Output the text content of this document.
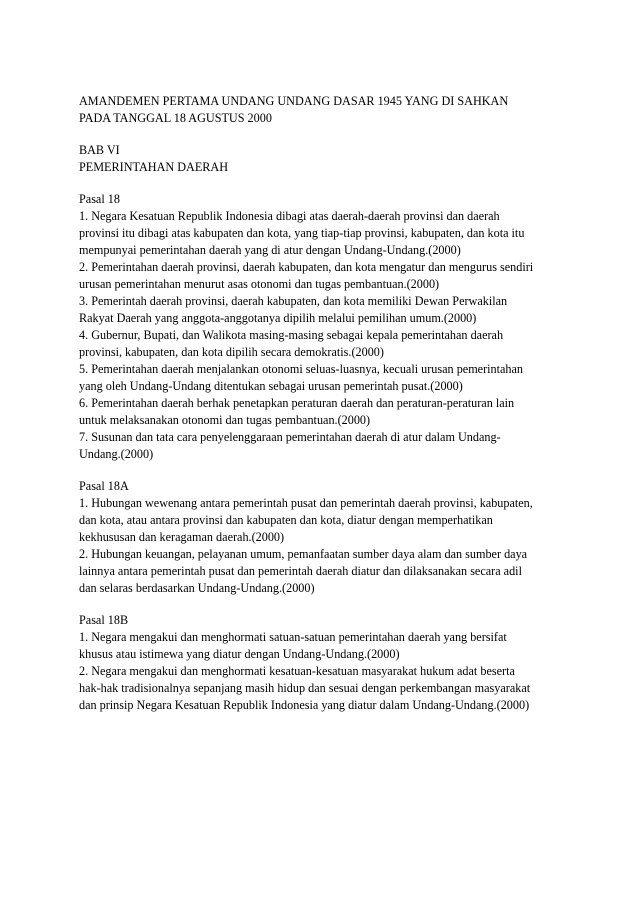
AMANDEMEN PERTAMA UNDANG UNDANG DASAR 1945 YANG DI SAHKAN
PADA TANGGAL 18 AGUSTUS 2000
BAB VI
PEMERINTAHAN DAERAH
Pasal 18
1. Negara Kesatuan Republik Indonesia dibagi atas daerah-daerah provinsi dan daerah
provinsi itu dibagi atas kabupaten dan kota, yang tiap-tiap provinsi, kabupaten, dan kota itu
mempunyai pemerintahan daerah yang di atur dengan Undang-Undang.(2000)
2. Pemerintahan daerah provinsi, daerah kabupaten, dan kota mengatur dan mengurus sendiri
urusan pemerintahan menurut asas otonomi dan tugas pembantuan.(2000)
3. Pemerintah daerah provinsi, daerah kabupaten, dan kota memiliki Dewan Perwakilan
Rakyat Daerah yang anggota-anggotanya dipilih melalui pemilihan umum.(2000)
4. Gubernur, Bupati, dan Walikota masing-masing sebagai kepala pemerintahan daerah
provinsi, kabupaten, dan kota dipilih secara demokratis.(2000)
5. Pemerintahan daerah menjalankan otonomi seluas-luasnya, kecuali urusan pemerintahan
yang oleh Undang-Undang ditentukan sebagai urusan pemerintah pusat.(2000)
6. Pemerintahan daerah berhak penetapkan peraturan daerah dan peraturan-peraturan lain
untuk melaksanakan otonomi dan tugas pembantuan.(2000)
7. Susunan dan tata cara penyelenggaraan pemerintahan daerah di atur dalam Undang-
Undang.(2000)
Pasal 18A
1. Hubungan wewenang antara pemerintah pusat dan pemerintah daerah provinsi, kabupaten,
dan kota, atau antara provinsi dan kabupaten dan kota, diatur dengan memperhatikan
kekhususan dan keragaman daerah.(2000)
2. Hubungan keuangan, pelayanan umum, pemanfaatan sumber daya alam dan sumber daya
lainnya antara pemerintah pusat dan pemerintah daerah diatur dan dilaksanakan secara adil
dan selaras berdasarkan Undang-Undang.(2000)
Pasal 18B
1. Negara mengakui dan menghormati satuan-satuan pemerintahan daerah yang bersifat
khusus atau istimewa yang diatur dengan Undang-Undang.(2000)
2. Negara mengakui dan menghormati kesatuan-kesatuan masyarakat hukum adat beserta
hak-hak tradisionalnya sepanjang masih hidup dan sesuai dengan perkembangan masyarakat
dan prinsip Negara Kesatuan Republik Indonesia yang diatur dalam Undang-Undang.(2000)
